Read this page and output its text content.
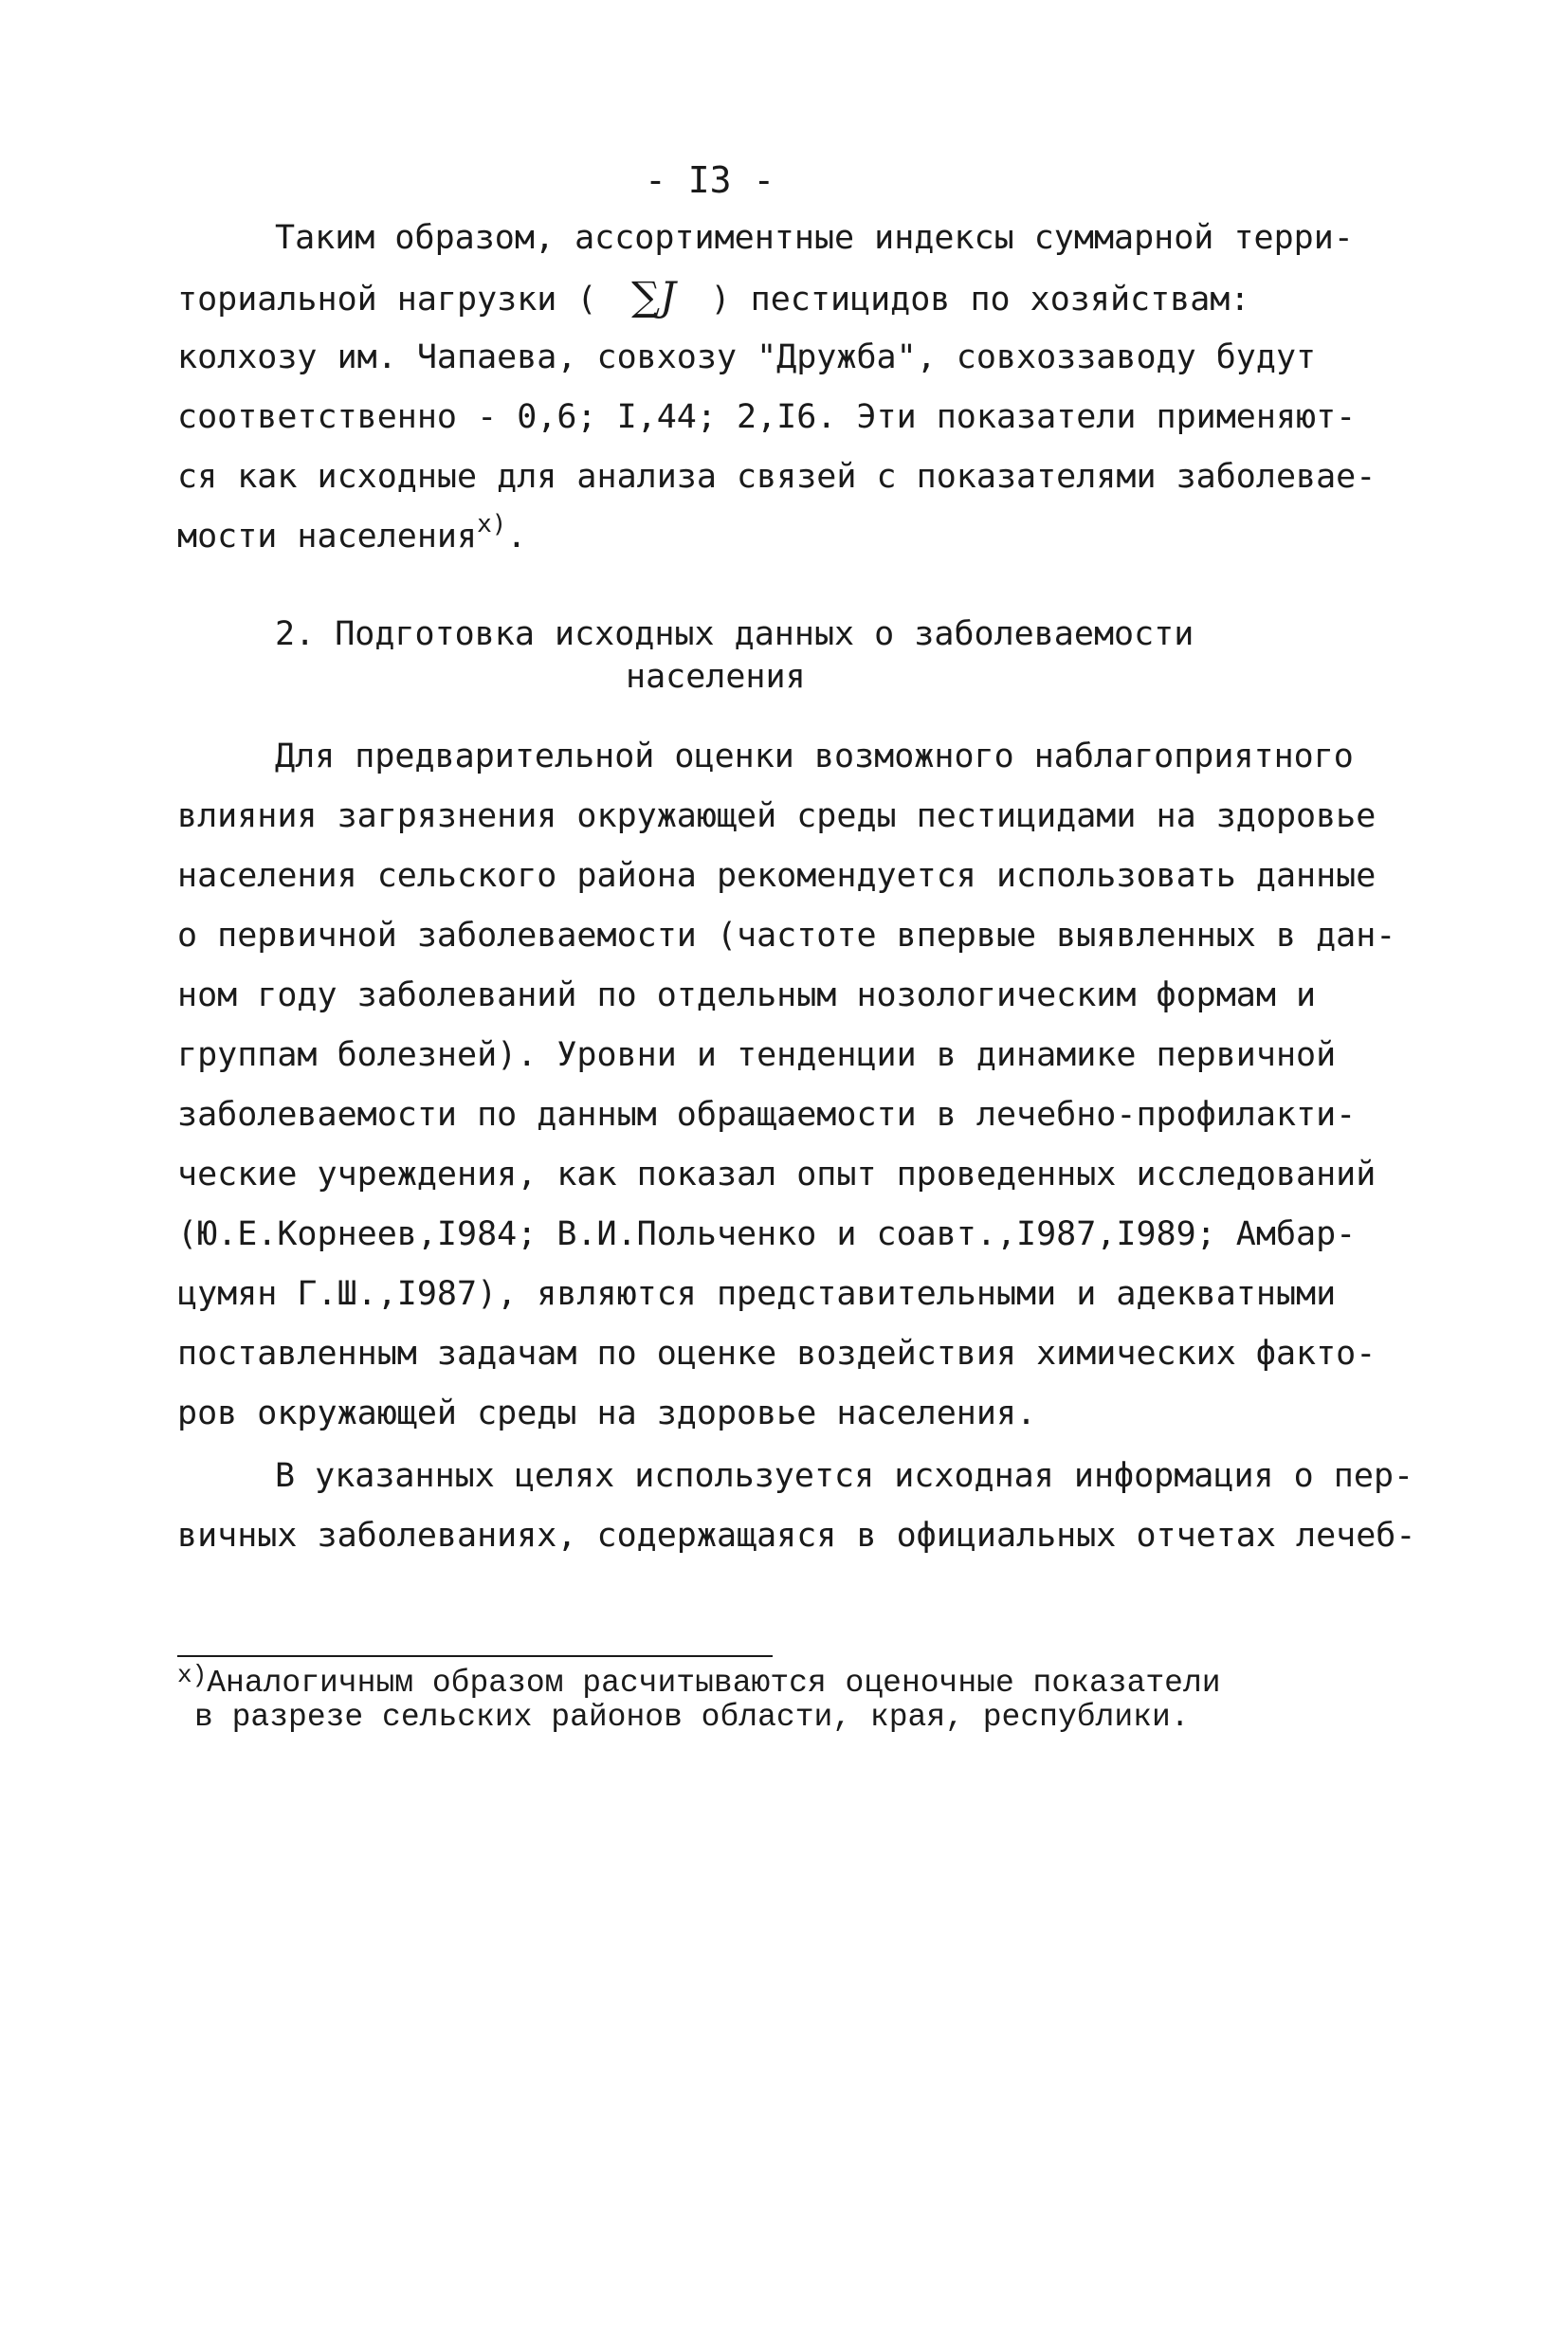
- I3 -
Таким образом, ассортиментные индексы суммарной терри-
ториальной нагрузки ( ∑J ) пестицидов по хозяйствам:
колхозу им. Чапаева, совхозу "Дружба", совхоззаводу будут
соответственно - 0,6; I,44; 2,I6. Эти показатели применяют-
ся как исходные для анализа связей с показателями заболевае-
мости населения$^{x)}$.
2. Подготовка исходных данных о заболеваемости
населения
Для предварительной оценки возможного наблагоприятного
влияния загрязнения окружающей среды пестицидами на здоровье
населения сельского района рекомендуется использовать данные
о первичной заболеваемости (частоте впервые выявленных в дан-
ном году заболеваний по отдельным нозологическим формам и
группам болезней). Уровни и тенденции в динамике первичной
заболеваемости по данным обращаемости в лечебно-профилакти-
ческие учреждения, как показал опыт проведенных исследований
(Ю.Е.Корнеев,I984; В.И.Польченко и соавт.,I987,I989; Амбар-
цумян Г.Ш.,I987), являются представительными и адекватными
поставленным задачам по оценке воздействия химических факто-
ров окружающей среды на здоровье населения.
В указанных целях используется исходная информация о пер-
вичных заболеваниях, содержащаяся в официальных отчетах лечеб-
$^{x)}$Аналогичным образом расчитываются оценочные показатели
в разрезе сельских районов области, края, республики.
